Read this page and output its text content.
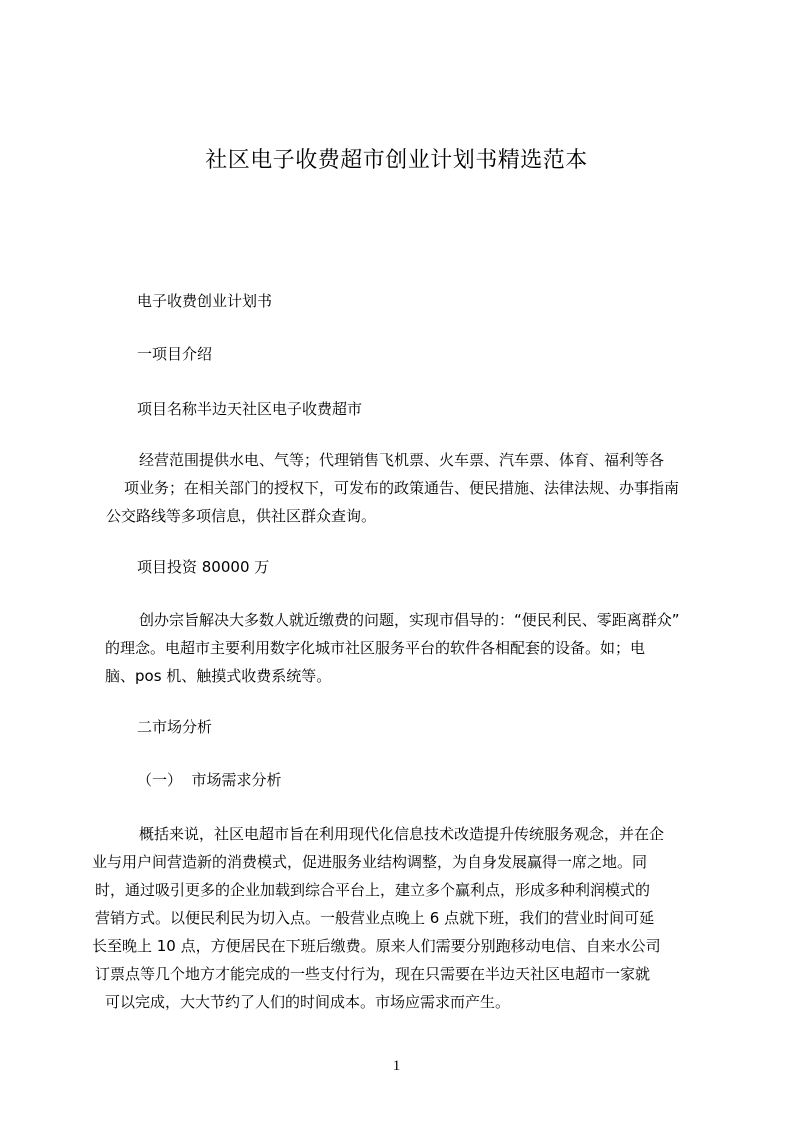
社区电子收费超市创业计划书精选范本
电子收费创业计划书
一项目介绍
项目名称半边天社区电子收费超市
经营范围提供水电、气等；代理销售飞机票、火车票、汽车票、体育、福利等各
项业务；在相关部门的授权下，可发布的政策通告、便民措施、法律法规、办事指南
公交路线等多项信息，供社区群众查询。
项目投资 80000 万
创办宗旨解决大多数人就近缴费的问题，实现市倡导的：“便民利民、零距离群众”
的理念。电超市主要利用数字化城市社区服务平台的软件各相配套的设备。如；电
脑、pos 机、触摸式收费系统等。
二市场分析
（一）  市场需求分析
概括来说，社区电超市旨在利用现代化信息技术改造提升传统服务观念，并在企
业与用户间营造新的消费模式，促进服务业结构调整，为自身发展赢得一席之地。同
时，通过吸引更多的企业加载到综合平台上，建立多个赢利点，形成多种利润模式的
营销方式。以便民利民为切入点。一般营业点晚上 6 点就下班，我们的营业时间可延
长至晚上 10 点，方便居民在下班后缴费。原来人们需要分别跑移动电信、自来水公司
订票点等几个地方才能完成的一些支付行为，现在只需要在半边天社区电超市一家就
可以完成，大大节约了人们的时间成本。市场应需求而产生。
1
